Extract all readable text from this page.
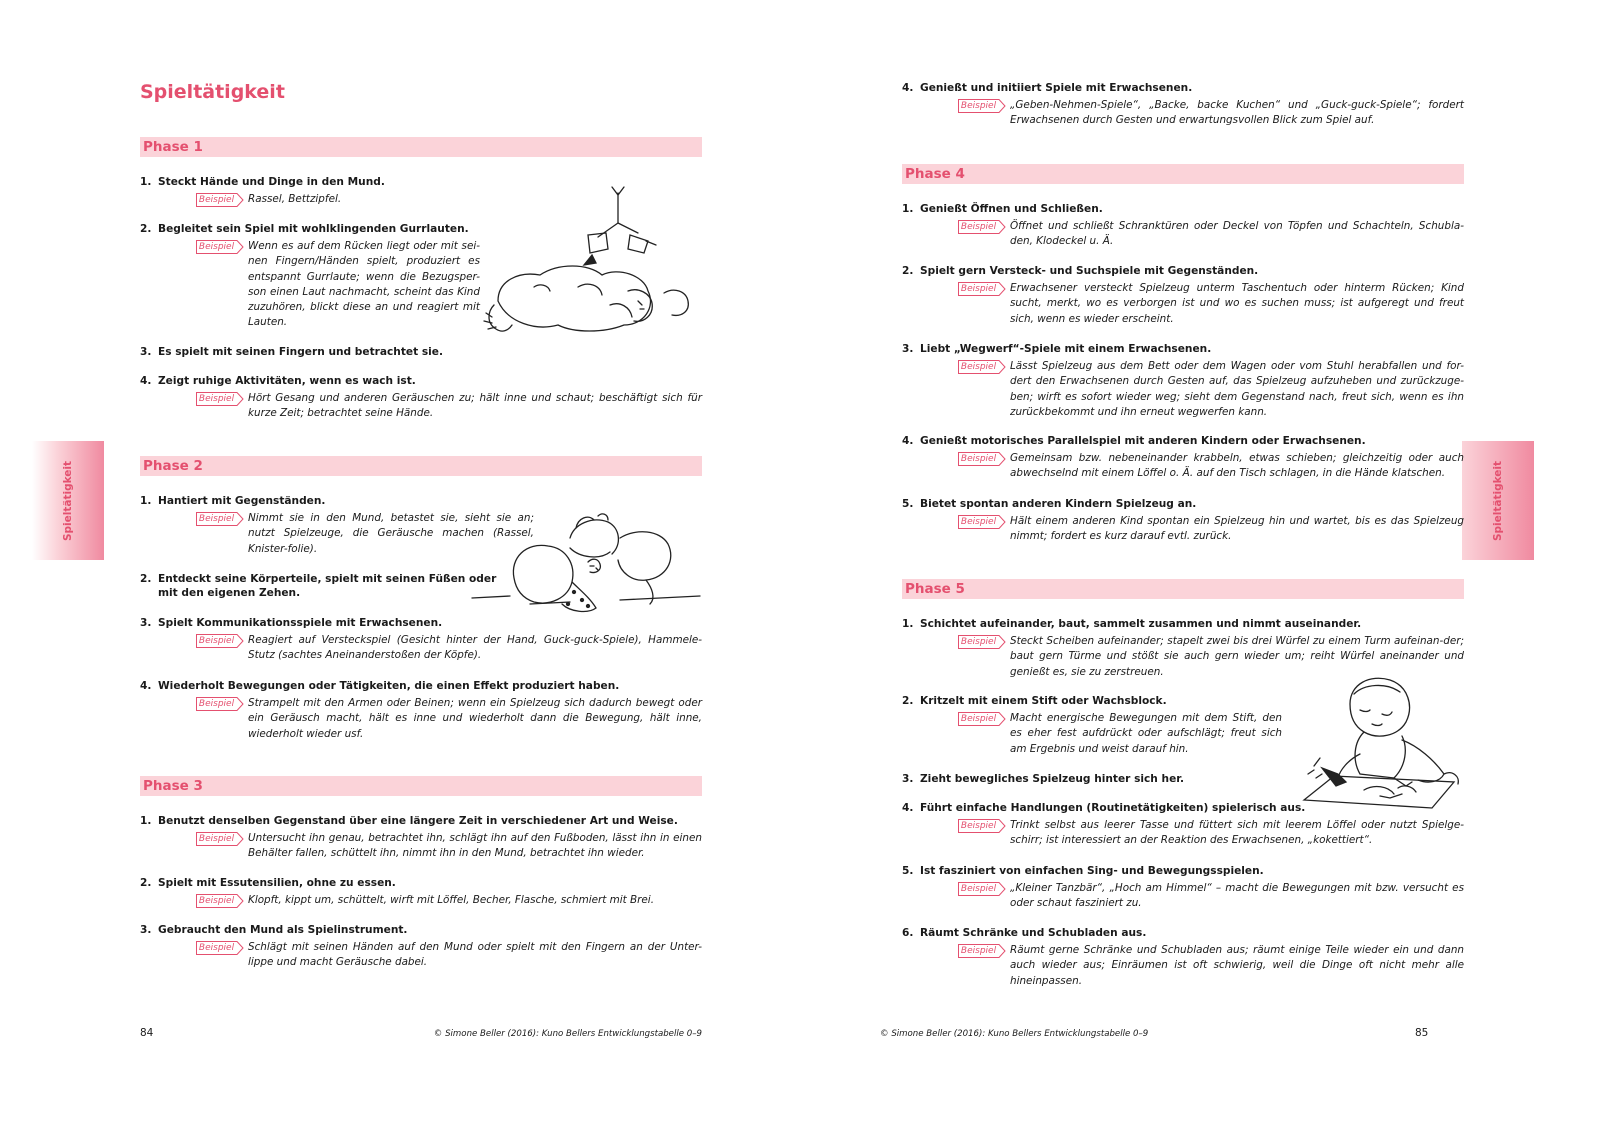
Spieltätigkeit
Spieltätigkeit
Phase 1
1. Steckt Hände und Dinge in den Mund.
Beispiel Rassel, Bettzipfel.
2. Begleitet sein Spiel mit wohlklingenden Gurrlauten.
Beispiel Wenn es auf dem Rücken liegt oder mit sei-nen Fingern/Händen spielt, produziert es entspannt Gurrlaute; wenn die Bezugsper-son einen Laut nachmacht, scheint das Kind zuzuhören, blickt diese an und reagiert mit Lauten.
3. Es spielt mit seinen Fingern und betrachtet sie.
4. Zeigt ruhige Aktivitäten, wenn es wach ist.
Beispiel Hört Gesang und anderen Geräuschen zu; hält inne und schaut; beschäftigt sich für kurze Zeit; betrachtet seine Hände.
Phase 2
1. Hantiert mit Gegenständen.
Beispiel Nimmt sie in den Mund, betastet sie, sieht sie an; nutzt Spielzeuge, die Geräusche machen (Rassel, Knister-folie).
2. Entdeckt seine Körperteile, spielt mit seinen Füßen oder
mit den eigenen Zehen.
3. Spielt Kommunikationsspiele mit Erwachsenen.
Beispiel Reagiert auf Versteckspiel (Gesicht hinter der Hand, Guck-guck-Spiele), Hammele-Stutz (sachtes Aneinanderstoßen der Köpfe).
4. Wiederholt Bewegungen oder Tätigkeiten, die einen Effekt produziert haben.
Beispiel Strampelt mit den Armen oder Beinen; wenn ein Spielzeug sich dadurch bewegt oder ein Geräusch macht, hält es inne und wiederholt dann die Bewegung, hält inne, wiederholt wieder usf.
Phase 3
1. Benutzt denselben Gegenstand über eine längere Zeit in verschiedener Art und Weise.
Beispiel Untersucht ihn genau, betrachtet ihn, schlägt ihn auf den Fußboden, lässt ihn in einen Behälter fallen, schüttelt ihn, nimmt ihn in den Mund, betrachtet ihn wieder.
2. Spielt mit Essutensilien, ohne zu essen.
Beispiel Klopft, kippt um, schüttelt, wirft mit Löffel, Becher, Flasche, schmiert mit Brei.
3. Gebraucht den Mund als Spielinstrument.
Beispiel Schlägt mit seinen Händen auf den Mund oder spielt mit den Fingern an der Unter-lippe und macht Geräusche dabei.
84	© Simone Beller (2016): Kuno Bellers Entwicklungstabelle 0–9
Spieltätigkeit
4. Genießt und initiiert Spiele mit Erwachsenen.
Beispiel „Geben-Nehmen-Spiele“, „Backe, backe Kuchen“ und „Guck-guck-Spiele“; fordert Erwachsenen durch Gesten und erwartungsvollen Blick zum Spiel auf.
Phase 4
1. Genießt Öffnen und Schließen.
Beispiel Öffnet und schließt Schranktüren oder Deckel von Töpfen und Schachteln, Schubla-den, Klodeckel u. Ä.
2. Spielt gern Versteck- und Suchspiele mit Gegenständen.
Beispiel Erwachsener versteckt Spielzeug unterm Taschentuch oder hinterm Rücken; Kind sucht, merkt, wo es verborgen ist und wo es suchen muss; ist aufgeregt und freut sich, wenn es wieder erscheint.
3. Liebt „Wegwerf“-Spiele mit einem Erwachsenen.
Beispiel Lässt Spielzeug aus dem Bett oder dem Wagen oder vom Stuhl herabfallen und for-dert den Erwachsenen durch Gesten auf, das Spielzeug aufzuheben und zurückzuge-ben; wirft es sofort wieder weg; sieht dem Gegenstand nach, freut sich, wenn es ihn zurückbekommt und ihn erneut wegwerfen kann.
4. Genießt motorisches Parallelspiel mit anderen Kindern oder Erwachsenen.
Beispiel Gemeinsam bzw. nebeneinander krabbeln, etwas schieben; gleichzeitig oder auch abwechselnd mit einem Löffel o. Ä. auf den Tisch schlagen, in die Hände klatschen.
5. Bietet spontan anderen Kindern Spielzeug an.
Beispiel Hält einem anderen Kind spontan ein Spielzeug hin und wartet, bis es das Spielzeug nimmt; fordert es kurz darauf evtl. zurück.
Phase 5
1. Schichtet aufeinander, baut, sammelt zusammen und nimmt auseinander.
Beispiel Steckt Scheiben aufeinander; stapelt zwei bis drei Würfel zu einem Turm aufeinan-der; baut gern Türme und stößt sie auch gern wieder um; reiht Würfel aneinander und genießt es, sie zu zerstreuen.
2. Kritzelt mit einem Stift oder Wachsblock.
Beispiel Macht energische Bewegungen mit dem Stift, den es eher fest aufdrückt oder aufschlägt; freut sich am Ergebnis und weist darauf hin.
3. Zieht bewegliches Spielzeug hinter sich her.
4. Führt einfache Handlungen (Routinetätigkeiten) spielerisch aus.
Beispiel Trinkt selbst aus leerer Tasse und füttert sich mit leerem Löffel oder nutzt Spielge-schirr; ist interessiert an der Reaktion des Erwachsenen, „kokettiert“.
5. Ist fasziniert von einfachen Sing- und Bewegungsspielen.
Beispiel „Kleiner Tanzbär“, „Hoch am Himmel“ – macht die Bewegungen mit bzw. versucht es oder schaut fasziniert zu.
6. Räumt Schränke und Schubladen aus.
Beispiel Räumt gerne Schränke und Schubladen aus; räumt einige Teile wieder ein und dann auch wieder aus; Einräumen ist oft schwierig, weil die Dinge oft nicht mehr alle hineinpassen.
© Simone Beller (2016): Kuno Bellers Entwicklungstabelle 0–9	85
